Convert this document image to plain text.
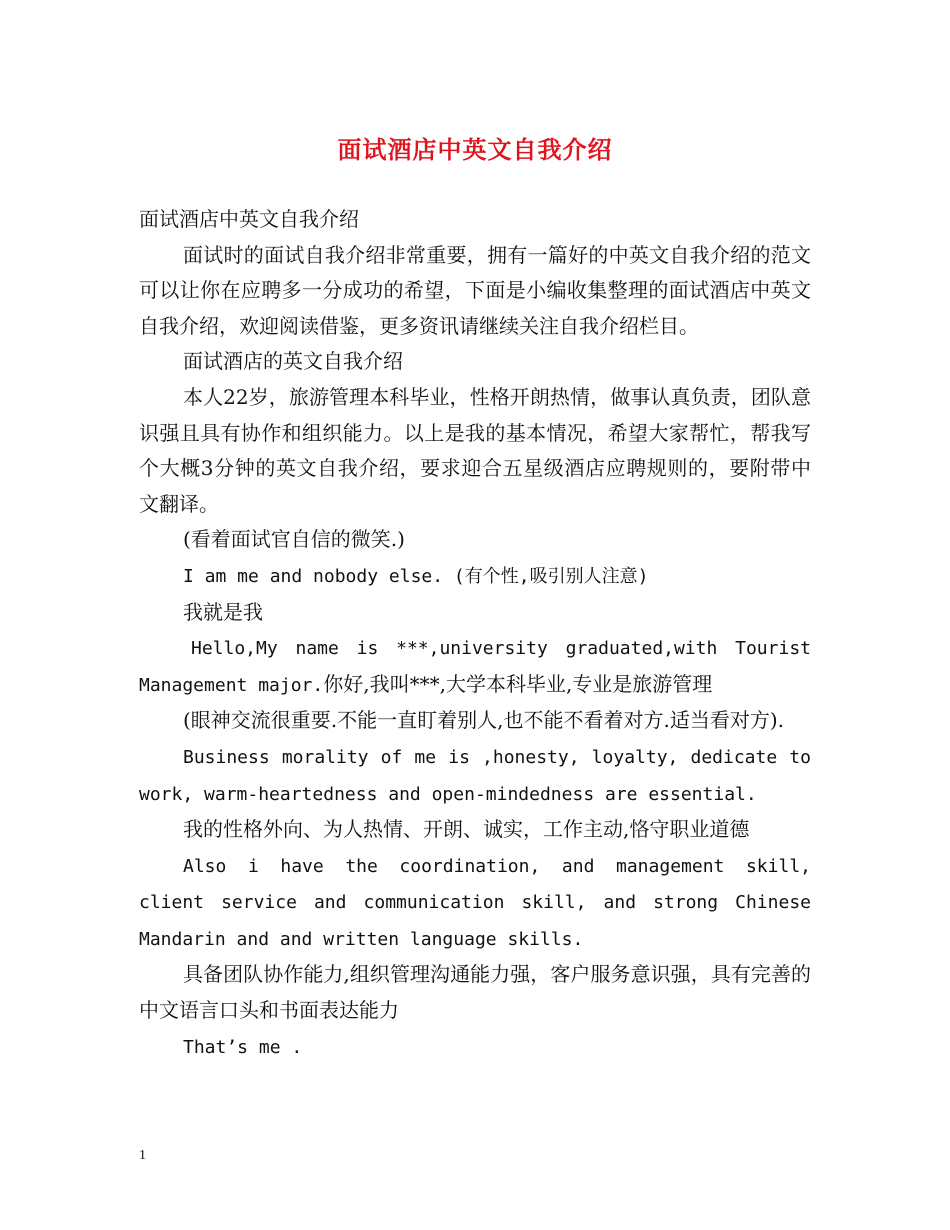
面试酒店中英文自我介绍

面试酒店中英文自我介绍

面试时的面试自我介绍非常重要，拥有一篇好的中英文自我介绍的范文可以让你在应聘多一分成功的希望，下面是小编收集整理的面试酒店中英文自我介绍，欢迎阅读借鉴，更多资讯请继续关注自我介绍栏目。

面试酒店的英文自我介绍

本人22岁，旅游管理本科毕业，性格开朗热情，做事认真负责，团队意识强且具有协作和组织能力。以上是我的基本情况，希望大家帮忙，帮我写个大概3分钟的英文自我介绍，要求迎合五星级酒店应聘规则的，要附带中文翻译。

(看着面试官自信的微笑.)

I am me and nobody else. (有个性,吸引别人注意)

我就是我

Hello,My name is ***,university graduated,with Tourist Management major.你好,我叫***,大学本科毕业,专业是旅游管理

(眼神交流很重要.不能一直盯着别人,也不能不看着对方.适当看对方).

Business morality of me is ,honesty, loyalty, dedicate to work, warm-heartedness and open-mindedness are essential.

我的性格外向、为人热情、开朗、诚实，工作主动,恪守职业道德

Also i have the coordination, and management skill, client service and communication skill, and strong Chinese Mandarin and and written language skills.

具备团队协作能力,组织管理沟通能力强，客户服务意识强，具有完善的中文语言口头和书面表达能力

That’s me .

1
